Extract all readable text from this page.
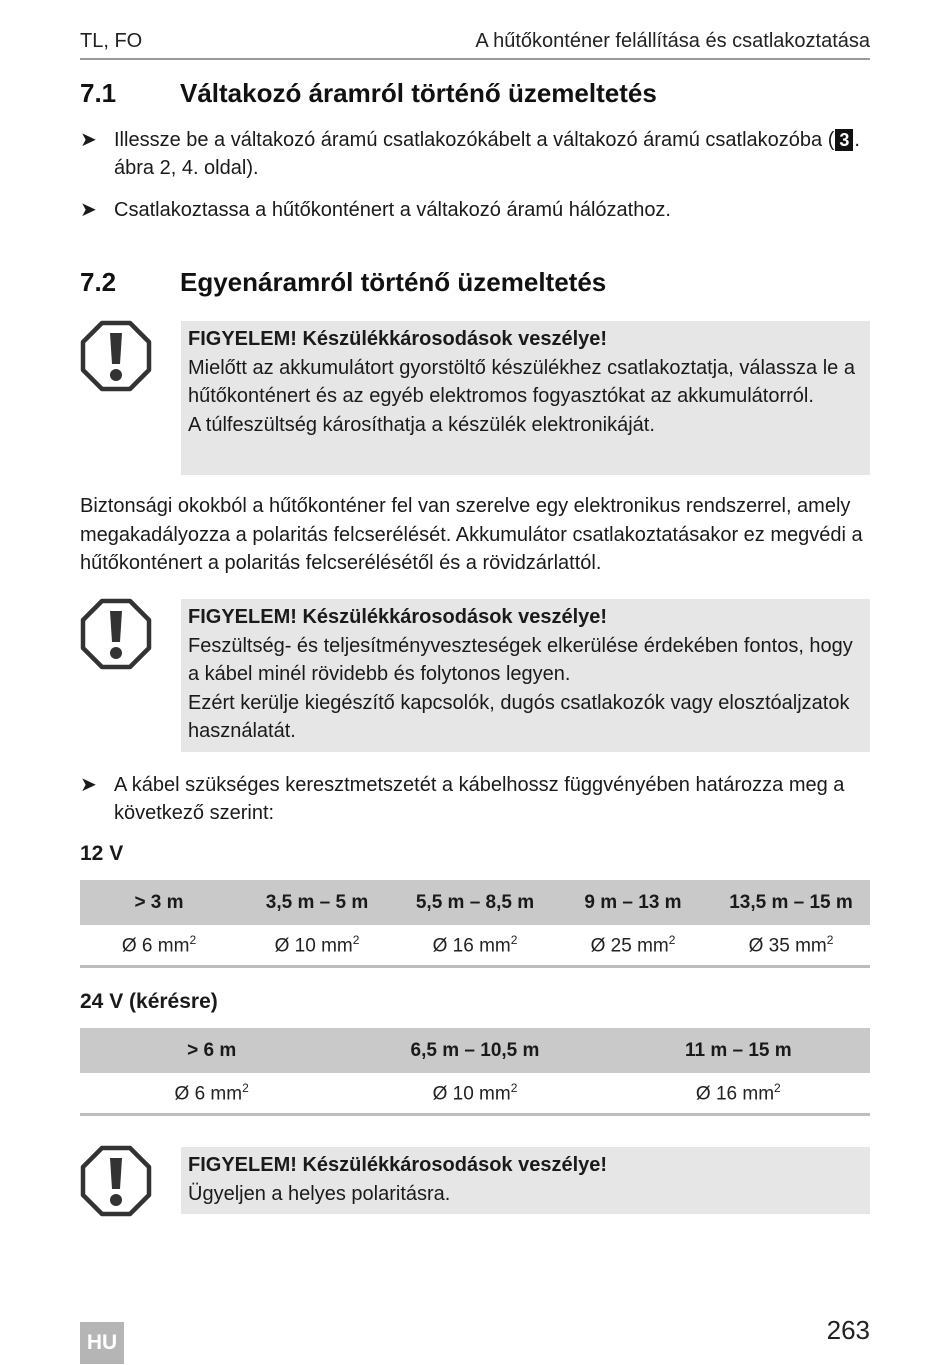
TL, FO	A hűtőkonténer felállítása és csatlakoztatása
7.1 Váltakozó áramról történő üzemeltetés
➤ Illessze be a váltakozó áramú csatlakozókábelt a váltakozó áramú csatlakozóba ( 3 . ábra 2, 4. oldal).
➤ Csatlakoztassa a hűtőkonténert a váltakozó áramú hálózathoz.
7.2 Egyenáramról történő üzemeltetés
FIGYELEM! Készülékkárosodások veszélye!
Mielőtt az akkumulátort gyorstöltő készülékhez csatlakoztatja, válassza le a hűtőkonténert és az egyéb elektromos fogyasztókat az akkumulátorról.
A túlfeszültség károsíthatja a készülék elektronikáját.
Biztonsági okokból a hűtőkonténer fel van szerelve egy elektronikus rendszerrel, amely megakadályozza a polaritás felcserélését. Akkumulátor csatlakoztatásakor ez megvédi a hűtőkonténert a polaritás felcserélésétől és a rövidzárlattól.
FIGYELEM! Készülékkárosodások veszélye!
Feszültség- és teljesítményveszteségek elkerülése érdekében fontos, hogy a kábel minél rövidebb és folytonos legyen.
Ezért kerülje kiegészítő kapcsolók, dugós csatlakozók vagy elosztóaljzatok használatát.
➤ A kábel szükséges keresztmetszetét a kábelhossz függvényében határozza meg a következő szerint:
12 V
> 3 m	3,5 m – 5 m	5,5 m – 8,5 m	9 m – 13 m	13,5 m – 15 m
Ø 6 $mm^2$	Ø 10 $mm^2$	Ø 16 $mm^2$	Ø 25 $mm^2$	Ø 35 $mm^2$
24 V (kérésre)
> 6 m	6,5 m – 10,5 m	11 m – 15 m
Ø 6 $mm^2$	Ø 10 $mm^2$	Ø 16 $mm^2$
FIGYELEM! Készülékkárosodások veszélye!
Ügyeljen a helyes polaritásra.
HU	263
